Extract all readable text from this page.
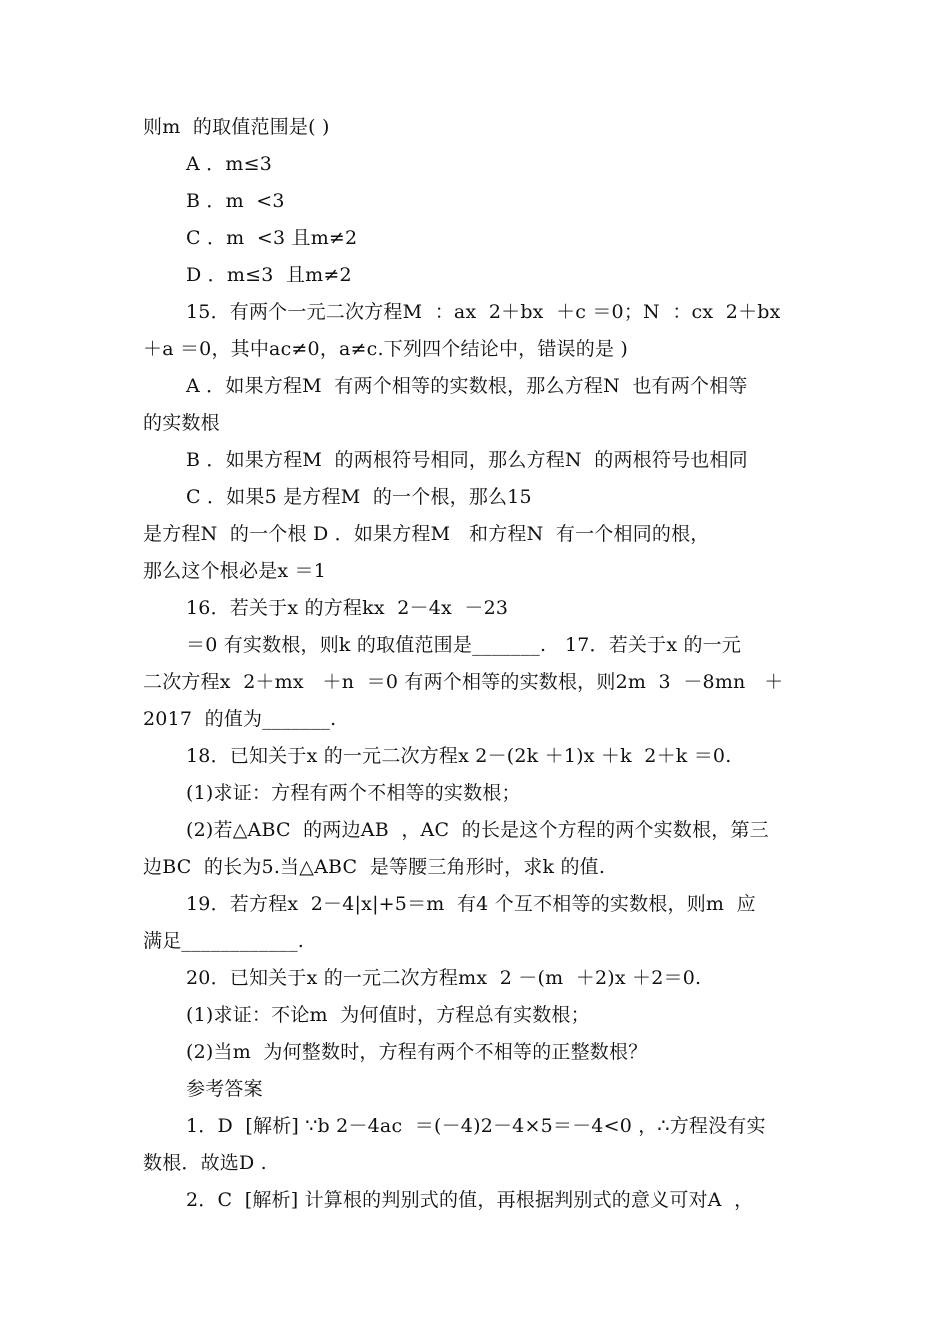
则m  的取值范围是( )
A ．m≤3
B ．m  <3
C ．m  <3 且m≠2
D ．m≤3  且m≠2
15．有两个一元二次方程M  ：ax  2＋bx  ＋c ＝0；N  ：cx  2＋bx
＋a ＝0，其中ac≠0，a≠c.下列四个结论中，错误的是 )
A ．如果方程M  有两个相等的实数根，那么方程N  也有两个相等
的实数根
B ．如果方程M  的两根符号相同，那么方程N  的两根符号也相同
C ．如果5 是方程M  的一个根，那么15
是方程N  的一个根 D ．如果方程M   和方程N  有一个相同的根，
那么这个根必是x ＝1
16．若关于x 的方程kx  2－4x  －23
＝0 有实数根，则k 的取值范围是_______.   17．若关于x 的一元
二次方程x  2＋mx   ＋n  ＝0 有两个相等的实数根，则2m  3  －8mn   ＋
2017  的值为_______.
18．已知关于x 的一元二次方程x 2－(2k ＋1)x ＋k  2＋k ＝0.
(1)求证：方程有两个不相等的实数根；
(2)若△ABC  的两边AB  ，AC  的长是这个方程的两个实数根，第三
边BC  的长为5.当△ABC  是等腰三角形时，求k 的值.
19．若方程x  2－4|x|+5＝m  有4 个互不相等的实数根，则m  应
满足____________.
20．已知关于x 的一元二次方程mx  2 －(m  ＋2)x ＋2＝0.
(1)求证：不论m  为何值时，方程总有实数根；
(2)当m  为何整数时，方程有两个不相等的正整数根？
参考答案
1．D  [解析] ∵b 2－4ac  ＝(－4)2－4×5＝－4<0 ，∴方程没有实
数根．故选D .
2．C  [解析] 计算根的判别式的值，再根据判别式的意义可对A  ，
